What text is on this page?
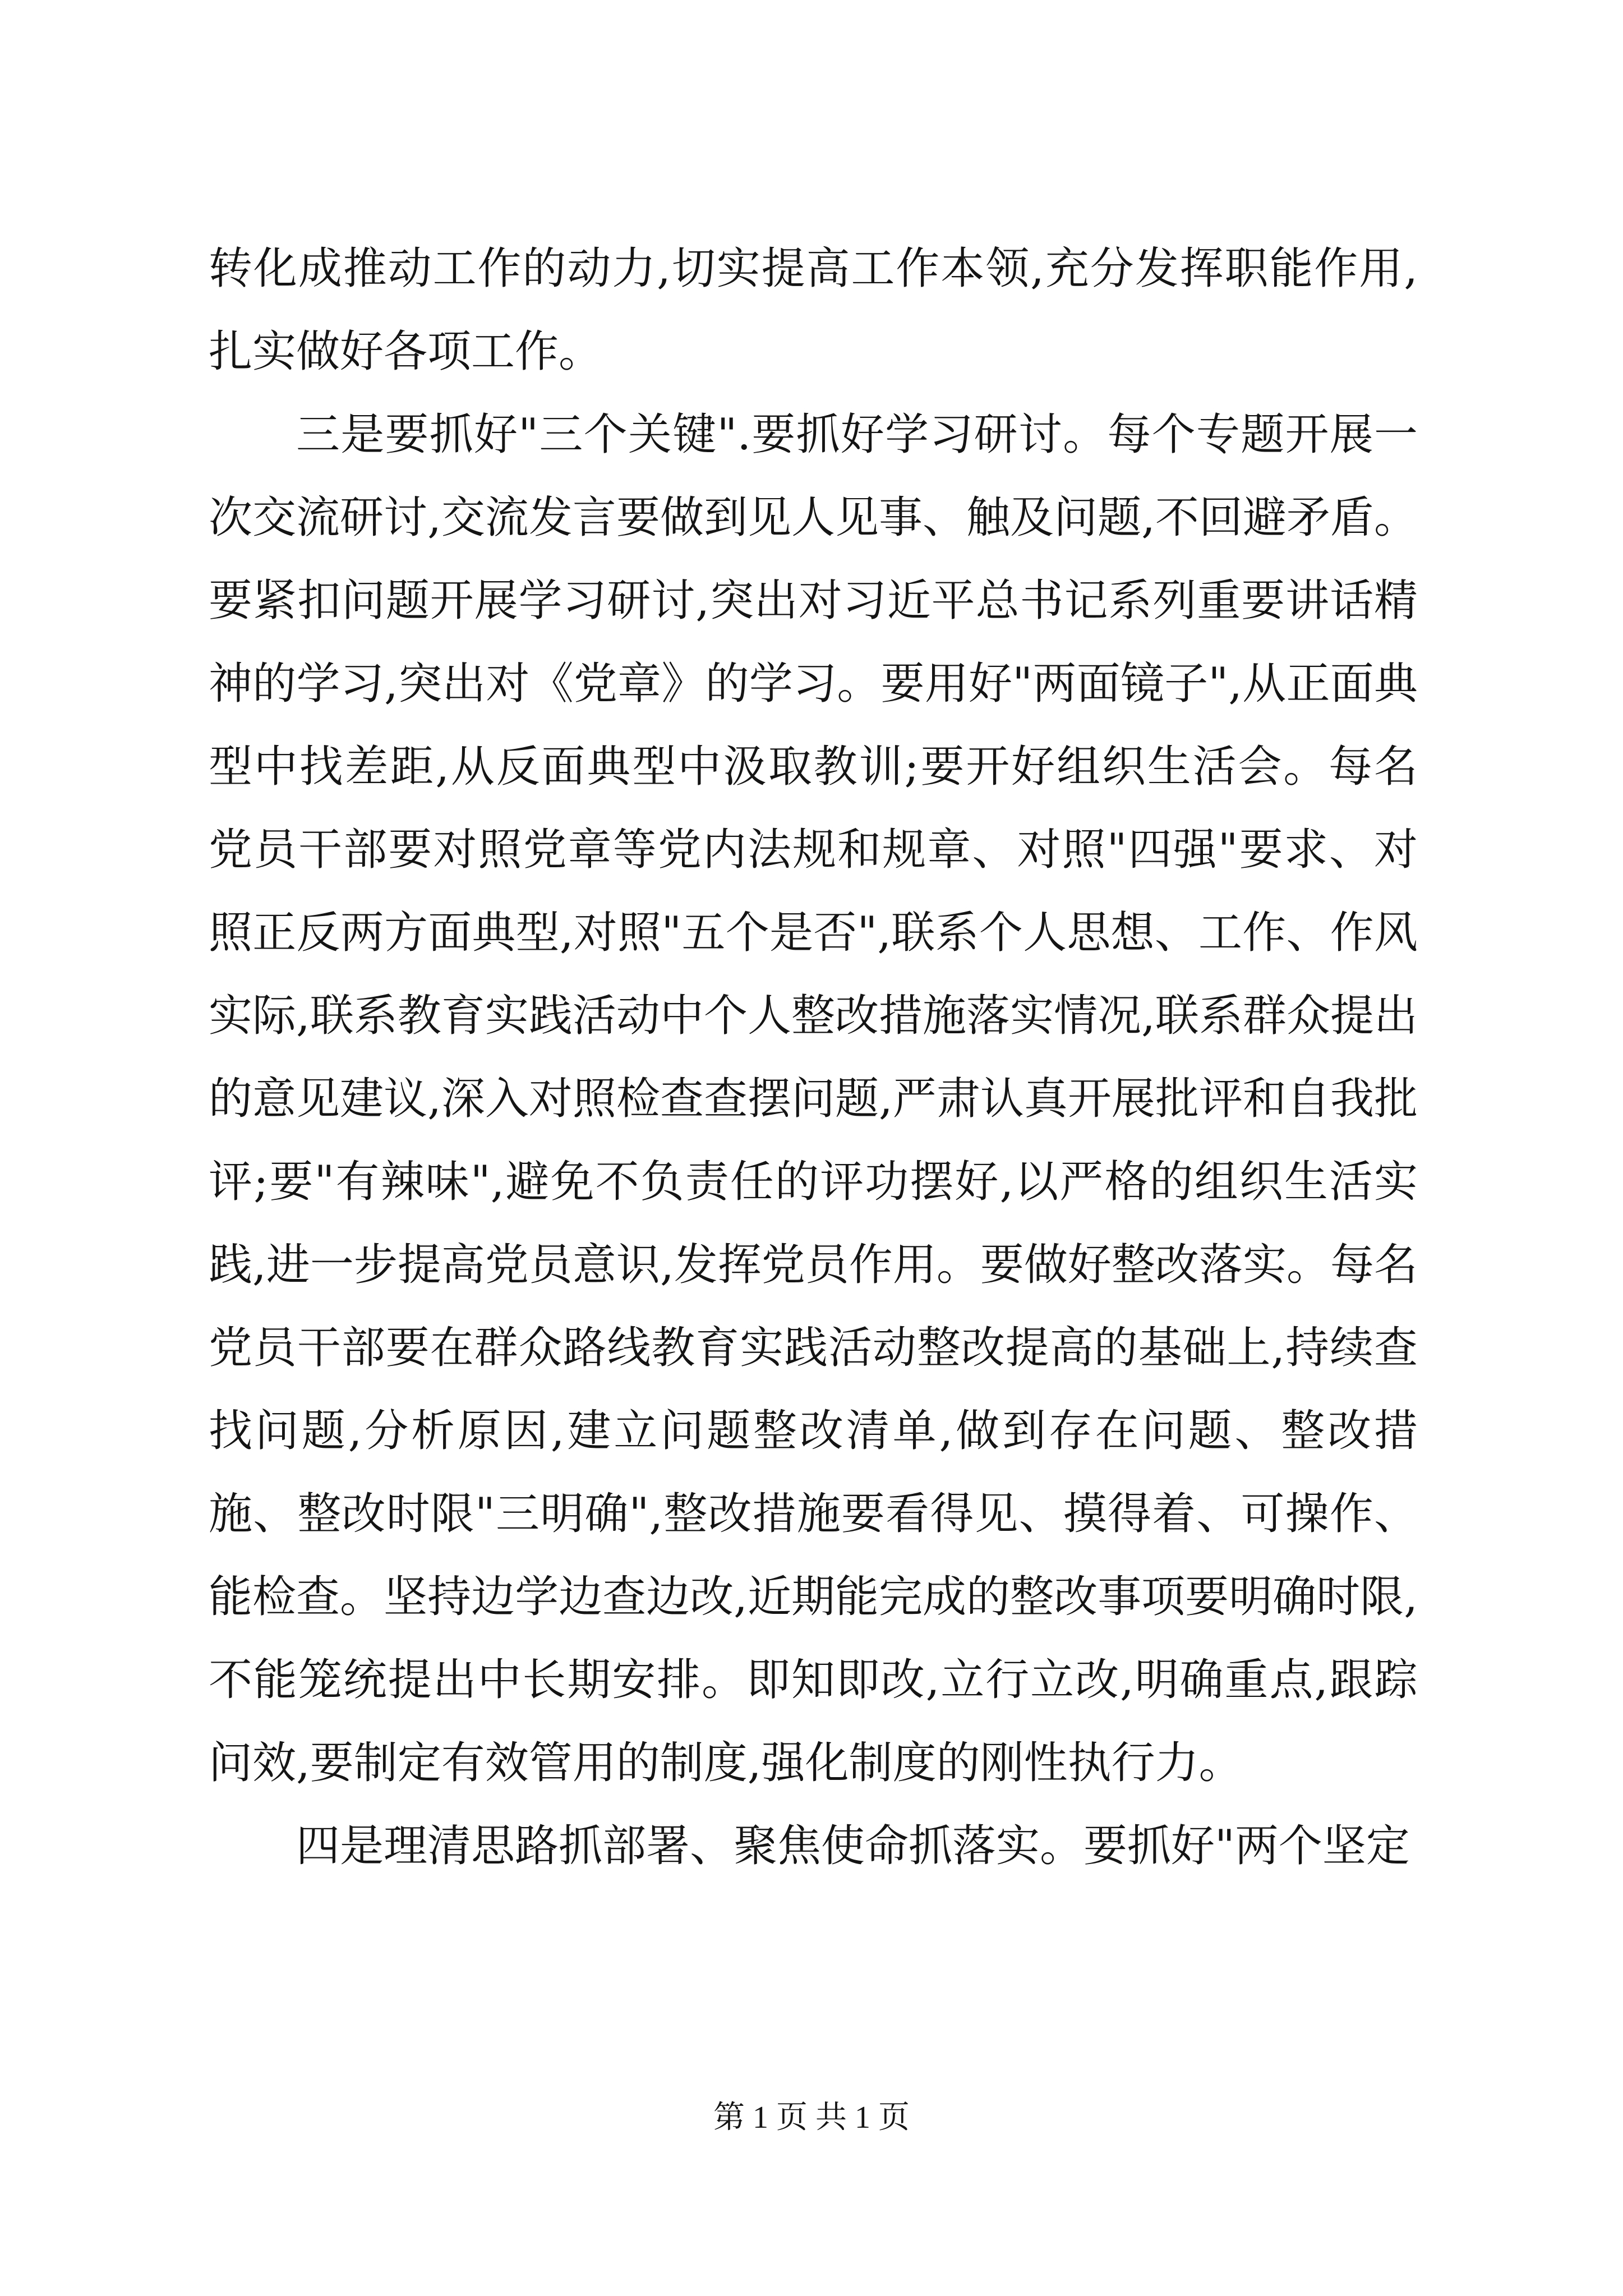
转化成推动工作的动力,切实提高工作本领,充分发挥职能作用,扎实做好各项工作。

三是要抓好"三个关键".要抓好学习研讨。每个专题开展一次交流研讨,交流发言要做到见人见事、触及问题,不回避矛盾。要紧扣问题开展学习研讨,突出对习近平总书记系列重要讲话精神的学习,突出对《党章》的学习。要用好"两面镜子",从正面典型中找差距,从反面典型中汲取教训;要开好组织生活会。每名党员干部要对照党章等党内法规和规章、对照"四强"要求、对照正反两方面典型,对照"五个是否",联系个人思想、工作、作风实际,联系教育实践活动中个人整改措施落实情况,联系群众提出的意见建议,深入对照检查查摆问题,严肃认真开展批评和自我批评;要"有辣味",避免不负责任的评功摆好,以严格的组织生活实践,进一步提高党员意识,发挥党员作用。要做好整改落实。每名党员干部要在群众路线教育实践活动整改提高的基础上,持续查找问题,分析原因,建立问题整改清单,做到存在问题、整改措施、整改时限"三明确",整改措施要看得见、摸得着、可操作、能检查。坚持边学边查边改,近期能完成的整改事项要明确时限,不能笼统提出中长期安排。即知即改,立行立改,明确重点,跟踪问效,要制定有效管用的制度,强化制度的刚性执行力。

四是理清思路抓部署、聚焦使命抓落实。要抓好"两个坚定

第 1 页 共 1 页
